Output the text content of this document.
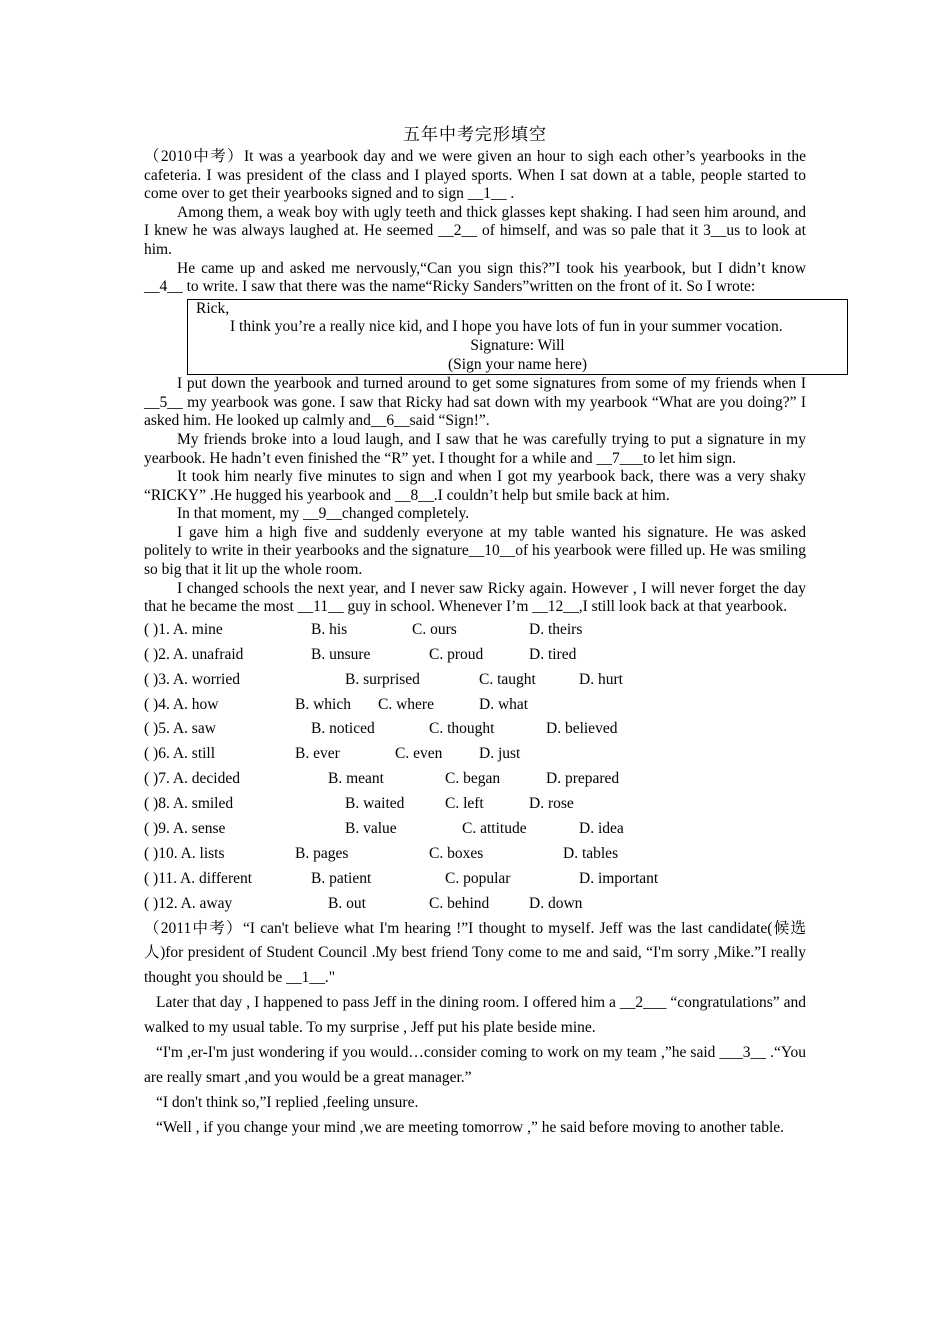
五年中考完形填空

（2010中考）It was a yearbook day and we were given an hour to sigh each other’s yearbooks in the cafeteria. I was president of the class and I played sports. When I sat down at a table, people started to come over to get their yearbooks signed and to sign __1__ .

Among them, a weak boy with ugly teeth and thick glasses kept shaking. I had seen him around, and I knew he was always laughed at. He seemed __2__ of himself, and was so pale that it 3__us to look at him.

He came up and asked me nervously,“Can you sign this?”I took his yearbook, but I didn’t know __4__ to write. I saw that there was the name“Ricky Sanders”written on the front of it. So I wrote:

Rick,
I think you’re a really nice kid, and I hope you have lots of fun in your summer vocation.
Signature: Will
(Sign your name here)

I put down the yearbook and turned around to get some signatures from some of my friends when I __5__ my yearbook was gone. I saw that Ricky had sat down with my yearbook “What are you doing?” I asked him. He looked up calmly and__6__said “Sign!”.

My friends broke into a loud laugh, and I saw that he was carefully trying to put a signature in my yearbook. He hadn’t even finished the “R” yet. I thought for a while and __7___to let him sign.

It took him nearly five minutes to sign and when I got my yearbook back, there was a very shaky “RICKY” .He hugged his yearbook and __8__.I couldn’t help but smile back at him.

In that moment, my __9__changed completely.

I gave him a high five and suddenly everyone at my table wanted his signature. He was asked politely to write in their yearbooks and the signature__10__of his yearbook were filled up. He was smiling so big that it lit up the whole room.

I changed schools the next year, and I never saw Ricky again. However , I will never forget the day that he became the most __11__ guy in school. Whenever I’m __12__,I still look back at that yearbook.

( )1. A. mine	B. his	C. ours	D. theirs
( )2. A. unafraid	B. unsure	C. proud	D. tired
( )3. A. worried	B. surprised	C. taught	D. hurt
( )4. A. how	B. which C. where	D. what
( )5. A. saw	B. noticed	C. thought	D. believed
( )6. A. still	B. ever	C. even D. just
( )7. A. decided	B. meant	C. began	D. prepared
( )8. A. smiled	B. waited	C. left	D. rose
( )9. A. sense	B. value	C. attitude	D. idea
( )10. A. lists	B. pages	C. boxes	D. tables
( )11. A. different	B. patient	C. popular	D. important
( )12. A. away	B. out	C. behind	D. down

（2011中考）“I can't believe what I'm hearing !”I thought to myself. Jeff was the last candidate(候选人)for president of Student Council .My best friend Tony come to me and said, “I'm sorry ,Mike.”I really thought you should be __1__."

Later that day , I happened to pass Jeff in the dining room. I offered him a __2___ “congratulations” and walked to my usual table. To my surprise , Jeff put his plate beside mine.

“I'm ,er-I'm just wondering if you would…consider coming to work on my team ,”he said ___3__ .“You are really smart ,and you would be a great manager.”

“I don't think so,”I replied ,feeling unsure.

“Well , if you change your mind ,we are meeting tomorrow ,” he said before moving to another table.
